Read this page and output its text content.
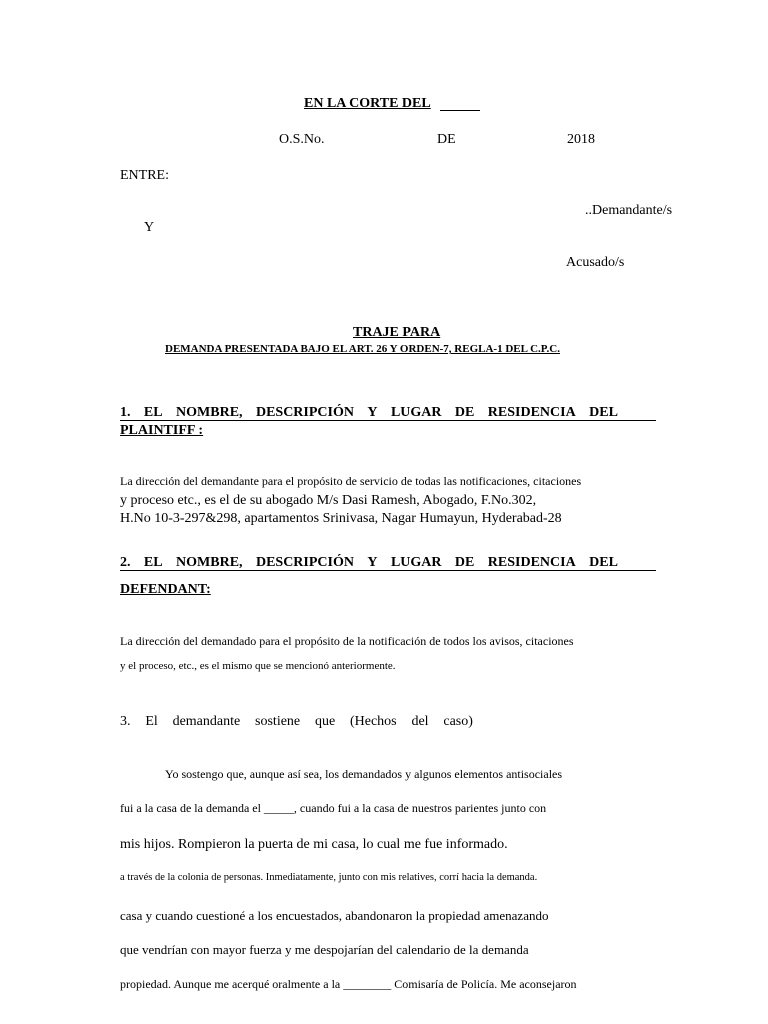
EN LA CORTE DEL
O.S.No.	DE	2018
ENTRE:
..Demandante/s
Y
Acusado/s
TRAJE PARA
DEMANDA PRESENTADA BAJO EL ART. 26 Y ORDEN-7, REGLA-1 DEL C.P.C.
1. EL NOMBRE, DESCRIPCIÓN Y LUGAR DE RESIDENCIA DEL
PLAINTIFF :
La dirección del demandante para el propósito de servicio de todas las notificaciones, citaciones
y proceso etc., es el de su abogado M/s Dasi Ramesh, Abogado, F.No.302,
H.No 10-3-297&298, apartamentos Srinivasa, Nagar Humayun, Hyderabad-28
2. EL NOMBRE, DESCRIPCIÓN Y LUGAR DE RESIDENCIA DEL
DEFENDANT:
La dirección del demandado para el propósito de la notificación de todos los avisos, citaciones
y el proceso, etc., es el mismo que se mencionó anteriormente.
3. El demandante sostiene que (Hechos del caso)
Yo sostengo que, aunque así sea, los demandados y algunos elementos antisociales
fui a la casa de la demanda el _____, cuando fui a la casa de nuestros parientes junto con
mis hijos. Rompieron la puerta de mi casa, lo cual me fue informado.
a través de la colonia de personas. Inmediatamente, junto con mis relatives, corrí hacia la demanda.
casa y cuando cuestioné a los encuestados, abandonaron la propiedad amenazando
que vendrían con mayor fuerza y me despojarían del calendario de la demanda
propiedad. Aunque me acerqué oralmente a la ________ Comisaría de Policía. Me aconsejaron
